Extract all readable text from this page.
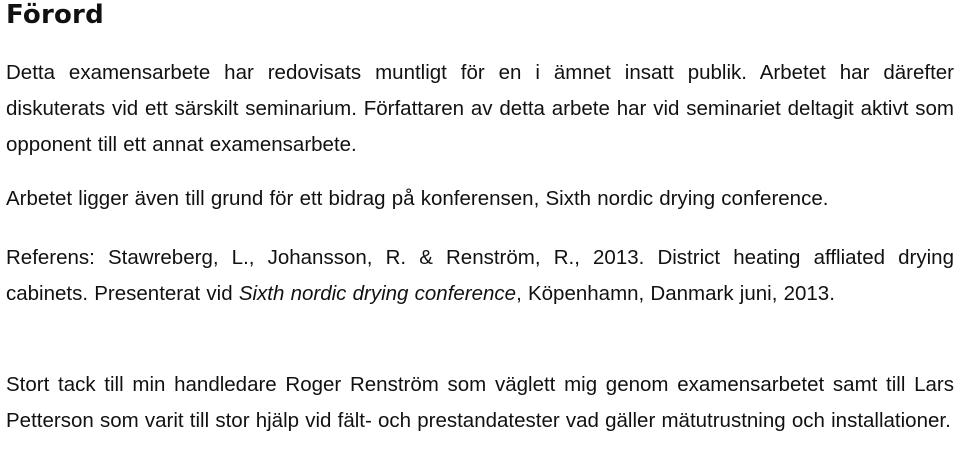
Förord

Detta examensarbete har redovisats muntligt för en i ämnet insatt publik. Arbetet har därefter diskuterats vid ett särskilt seminarium. Författaren av detta arbete har vid seminariet deltagit aktivt som opponent till ett annat examensarbete.

Arbetet ligger även till grund för ett bidrag på konferensen, Sixth nordic drying conference.

Referens: Stawreberg, L., Johansson, R. & Renström, R., 2013. District heating affliated drying cabinets. Presenterat vid Sixth nordic drying conference, Köpenhamn, Danmark juni, 2013.

Stort tack till min handledare Roger Renström som väglett mig genom examensarbetet samt till Lars Petterson som varit till stor hjälp vid fält- och prestandatester vad gäller mätutrustning och installationer.
